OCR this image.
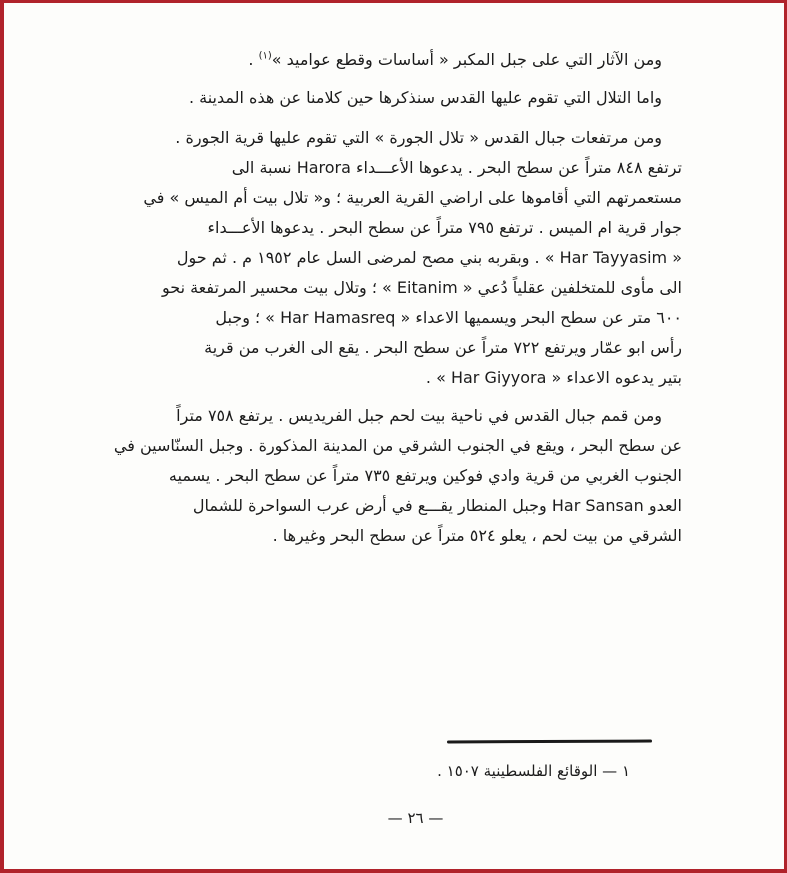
ومن الآثار التي على جبل المكبر « أساسات وقطع عواميد »$^{(١)}$ .

واما التلال التي تقوم عليها القدس سنذكرها حين كلامنا عن هذه المدينة .

ومن مرتفعات جبال القدس « تلال الجورة » التي تقوم عليها قرية الجورة . ترتفع ٨٤٨ متراً عن سطح البحر . يدعوها الأعـــداء Harora نسبة الى مستعمرتهم التي أقاموها على اراضي القرية العربية ؛ و« تلال بيت أم الميس » في جوار قرية ام الميس . ترتفع ٧٩٥ متراً عن سطح البحر . يدعوها الأعـــداء « Har Tayyasim » . وبقربه بني مصح لمرضى السل عام ١٩٥٢ م . ثم حول الى مأوى للمتخلفين عقلياً دُعي « Eitanim » ؛ وتلال بيت محسير المرتفعة نحو ٦٠٠ متر عن سطح البحر ويسميها الاعداء « Har Hamasreq » ؛ وجبل رأس ابو عمّار ويرتفع ٧٢٢ متراً عن سطح البحر . يقع الى الغرب من قرية بتير يدعوه الاعداء « Har Giyyora » .

ومن قمم جبال القدس في ناحية بيت لحم جبل الفريديس . يرتفع ٧٥٨ متراً عن سطح البحر ، ويقع في الجنوب الشرقي من المدينة المذكورة . وجبل السنّاسين في الجنوب الغربي من قرية وادي فوكين ويرتفع ٧٣٥ متراً عن سطح البحر . يسميه العدو Har Sansan وجبل المنطار يقـــع في أرض عرب السواحرة للشمال الشرقي من بيت لحم ، يعلو ٥٢٤ متراً عن سطح البحر وغيرها .

١ — الوقائع الفلسطينية ١٥٠٧ .
— ٢٦ —
